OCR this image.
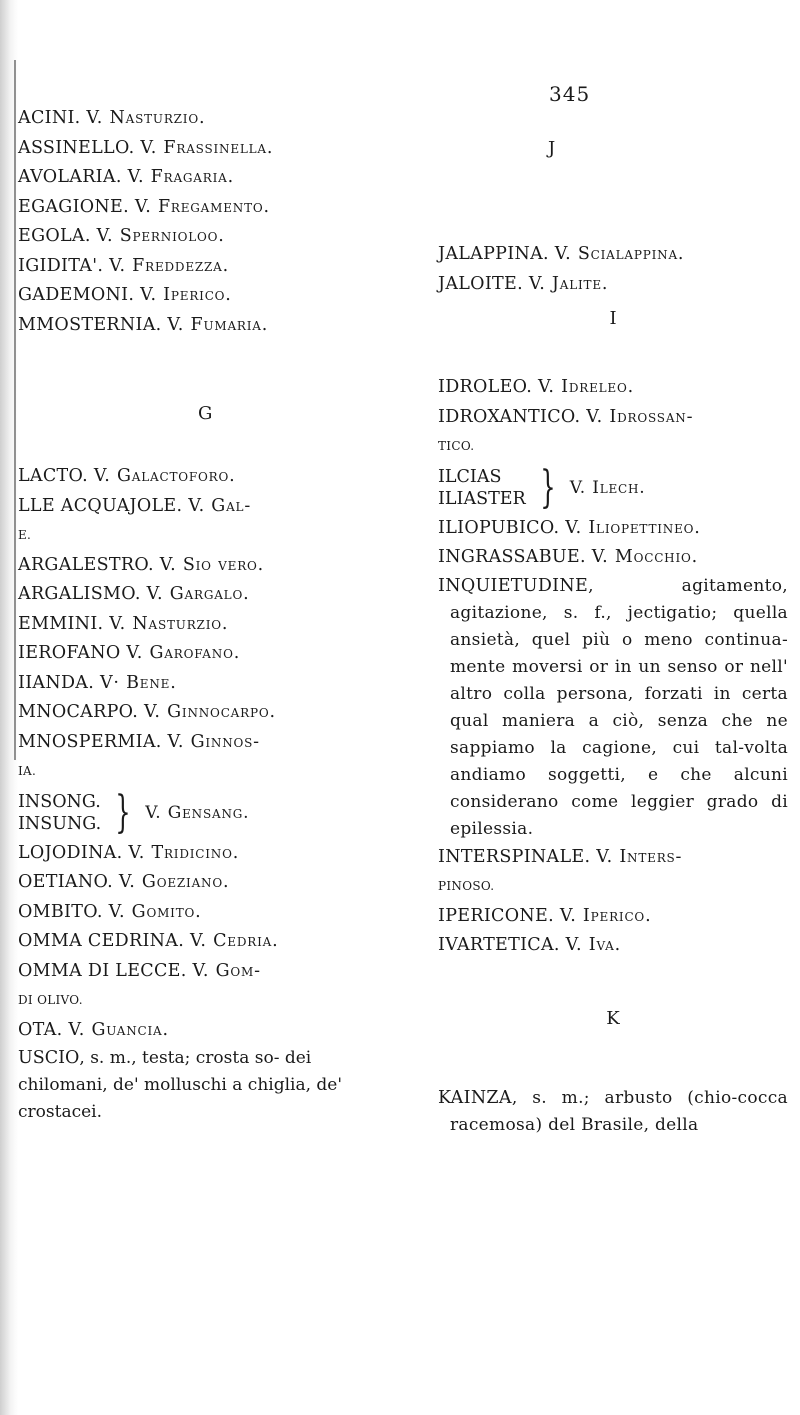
345
J
ACINI. V. Nasturzio.
ASSINELLO. V. Frassinella.
AVOLARIA. V. Fragaria.
EGAGIONE. V. Fregamento.
EGOLA. V. Spernioloo.
IGIDITA'. V. Freddezza.
GADEMONI. V. Iperico.
MMOSTERNIA. V. Fumaria.
G
LACTO. V. Galactoforo.
LLE ACQUAJOLE. V. Gal-
E.
ARGALESTRO. V. Sio vero.
ARGALISMO. V. Gargalo.
EMMINI. V. Nasturzio.
IEROFANO V. Garofano.
IIANDA. V· Bene.
MNOCARPO. V. Ginnocarpo.
MNOSPERMIA. V. Ginnos-
IA.
INSONG.
INSUNG. } V. Gensang.
LOJODINA. V. Tridicino.
OETIANO. V. Goeziano.
OMBITO. V. Gomito.
OMMA CEDRINA. V. Cedria.
OMMA DI LECCE. V. Gom-
DI OLIVO.
OTA. V. Guancia.
USCIO, s. m., testa; crosta so- dei chilomani, de' molluschi a chiglia, de' crostacei.
JALAPPINA. V. Scialappina.
JALOITE. V. Jalite.
I
IDROLEO. V. Idreleo.
IDROXANTICO. V. Idrossan-
TICO.
ILCIAS
ILIASTER } V. Ilech.
ILIOPUBICO. V. Iliopettineo.
INGRASSABUE. V. Mocchio.
INQUIETUDINE, agitamento, agitazione, s. f., jectigatio; quella ansietà, quel più o meno continua-mente moversi or in un senso or nell' altro colla persona, forzati in certa qual maniera a ciò, senza che ne sappiamo la cagione, cui tal-volta andiamo soggetti, e che alcuni considerano come leggier grado di epilessia.
INTERSPINALE. V. Inters-
PINOSO.
IPERICONE. V. Iperico.
IVARTETICA. V. Iva.
K
KAINZA, s. m.; arbusto (chio-cocca racemosa) del Brasile, della
